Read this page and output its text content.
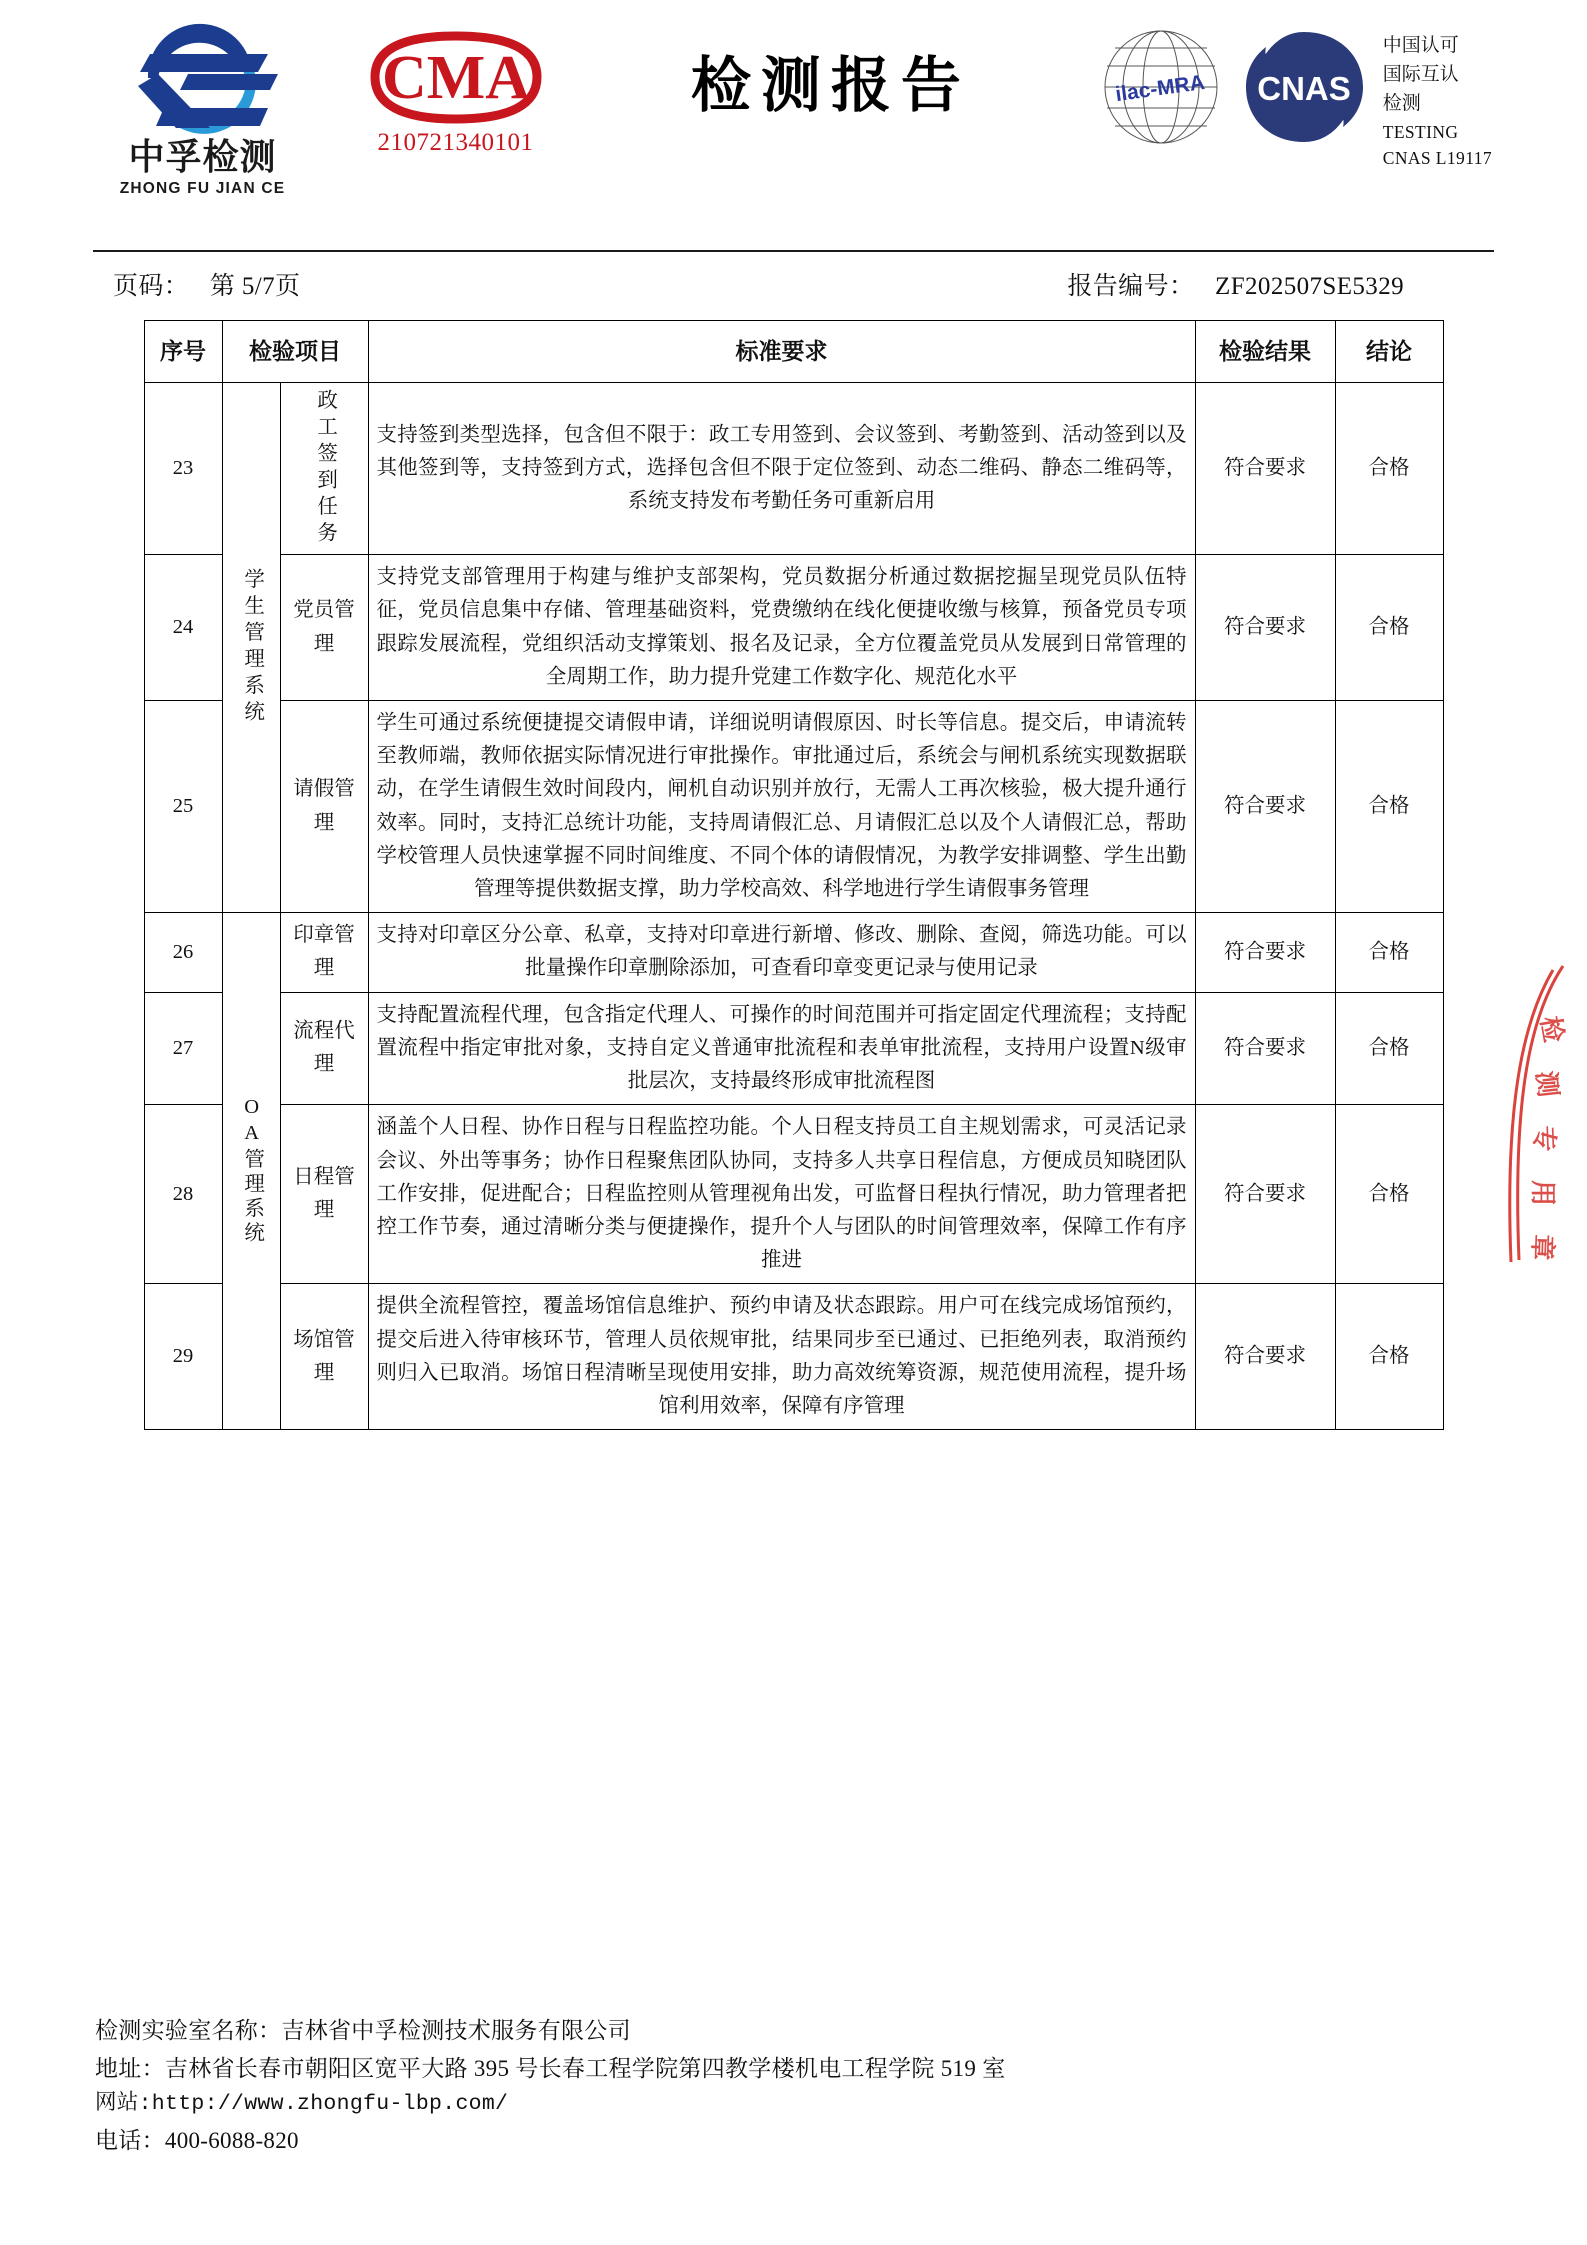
中孚检测
ZHONG FU JIAN CE
CMA
210721340101
检测报告	ilac-MRA CNAS
中国认可
国际互认
检测
TESTING
CNAS L19117
页码： 第 5/7页	报告编号： ZF202507SE5329
序号	检验项目		标准要求	检验结果	结论
23	学生管理系统	政工签到任务	支持签到类型选择，包含但不限于：政工专用签到、会议签到、考勤签到、活动签到以及其他签到等，支持签到方式，选择包含但不限于定位签到、动态二维码、静态二维码等，系统支持发布考勤任务可重新启用	符合要求	合格
24		党员管理	支持党支部管理用于构建与维护支部架构，党员数据分析通过数据挖掘呈现党员队伍特征，党员信息集中存储、管理基础资料，党费缴纳在线化便捷收缴与核算，预备党员专项跟踪发展流程，党组织活动支撑策划、报名及记录，全方位覆盖党员从发展到日常管理的全周期工作，助力提升党建工作数字化、规范化水平	符合要求	合格
25		请假管理	学生可通过系统便捷提交请假申请，详细说明请假原因、时长等信息。提交后，申请流转至教师端，教师依据实际情况进行审批操作。审批通过后，系统会与闸机系统实现数据联动，在学生请假生效时间段内，闸机自动识别并放行，无需人工再次核验，极大提升通行效率。同时，支持汇总统计功能，支持周请假汇总、月请假汇总以及个人请假汇总，帮助学校管理人员快速掌握不同时间维度、不同个体的请假情况，为教学安排调整、学生出勤管理等提供数据支撑，助力学校高效、科学地进行学生请假事务管理	符合要求	合格
26	OA管理系统	印章管理	支持对印章区分公章、私章，支持对印章进行新增、修改、删除、查阅，筛选功能。可以批量操作印章删除添加，可查看印章变更记录与使用记录	符合要求	合格
27		流程代理	支持配置流程代理，包含指定代理人、可操作的时间范围并可指定固定代理流程；支持配置流程中指定审批对象，支持自定义普通审批流程和表单审批流程，支持用户设置N级审批层次，支持最终形成审批流程图	符合要求	合格
28		日程管理	涵盖个人日程、协作日程与日程监控功能。个人日程支持员工自主规划需求，可灵活记录会议、外出等事务；协作日程聚焦团队协同，支持多人共享日程信息，方便成员知晓团队工作安排，促进配合；日程监控则从管理视角出发，可监督日程执行情况，助力管理者把控工作节奏，通过清晰分类与便捷操作，提升个人与团队的时间管理效率，保障工作有序推进	符合要求	合格
29		场馆管理	提供全流程管控，覆盖场馆信息维护、预约申请及状态跟踪。用户可在线完成场馆预约，提交后进入待审核环节，管理人员依规审批，结果同步至已通过、已拒绝列表，取消预约则归入已取消。场馆日程清晰呈现使用安排，助力高效统筹资源，规范使用流程，提升场馆利用效率，保障有序管理	符合要求	合格
检
测
专
用
章
检测实验室名称：吉林省中孚检测技术服务有限公司
地址：吉林省长春市朝阳区宽平大路 395 号长春工程学院第四教学楼机电工程学院 519 室
网站:http://www.zhongfu-lbp.com/
电话：400-6088-820
